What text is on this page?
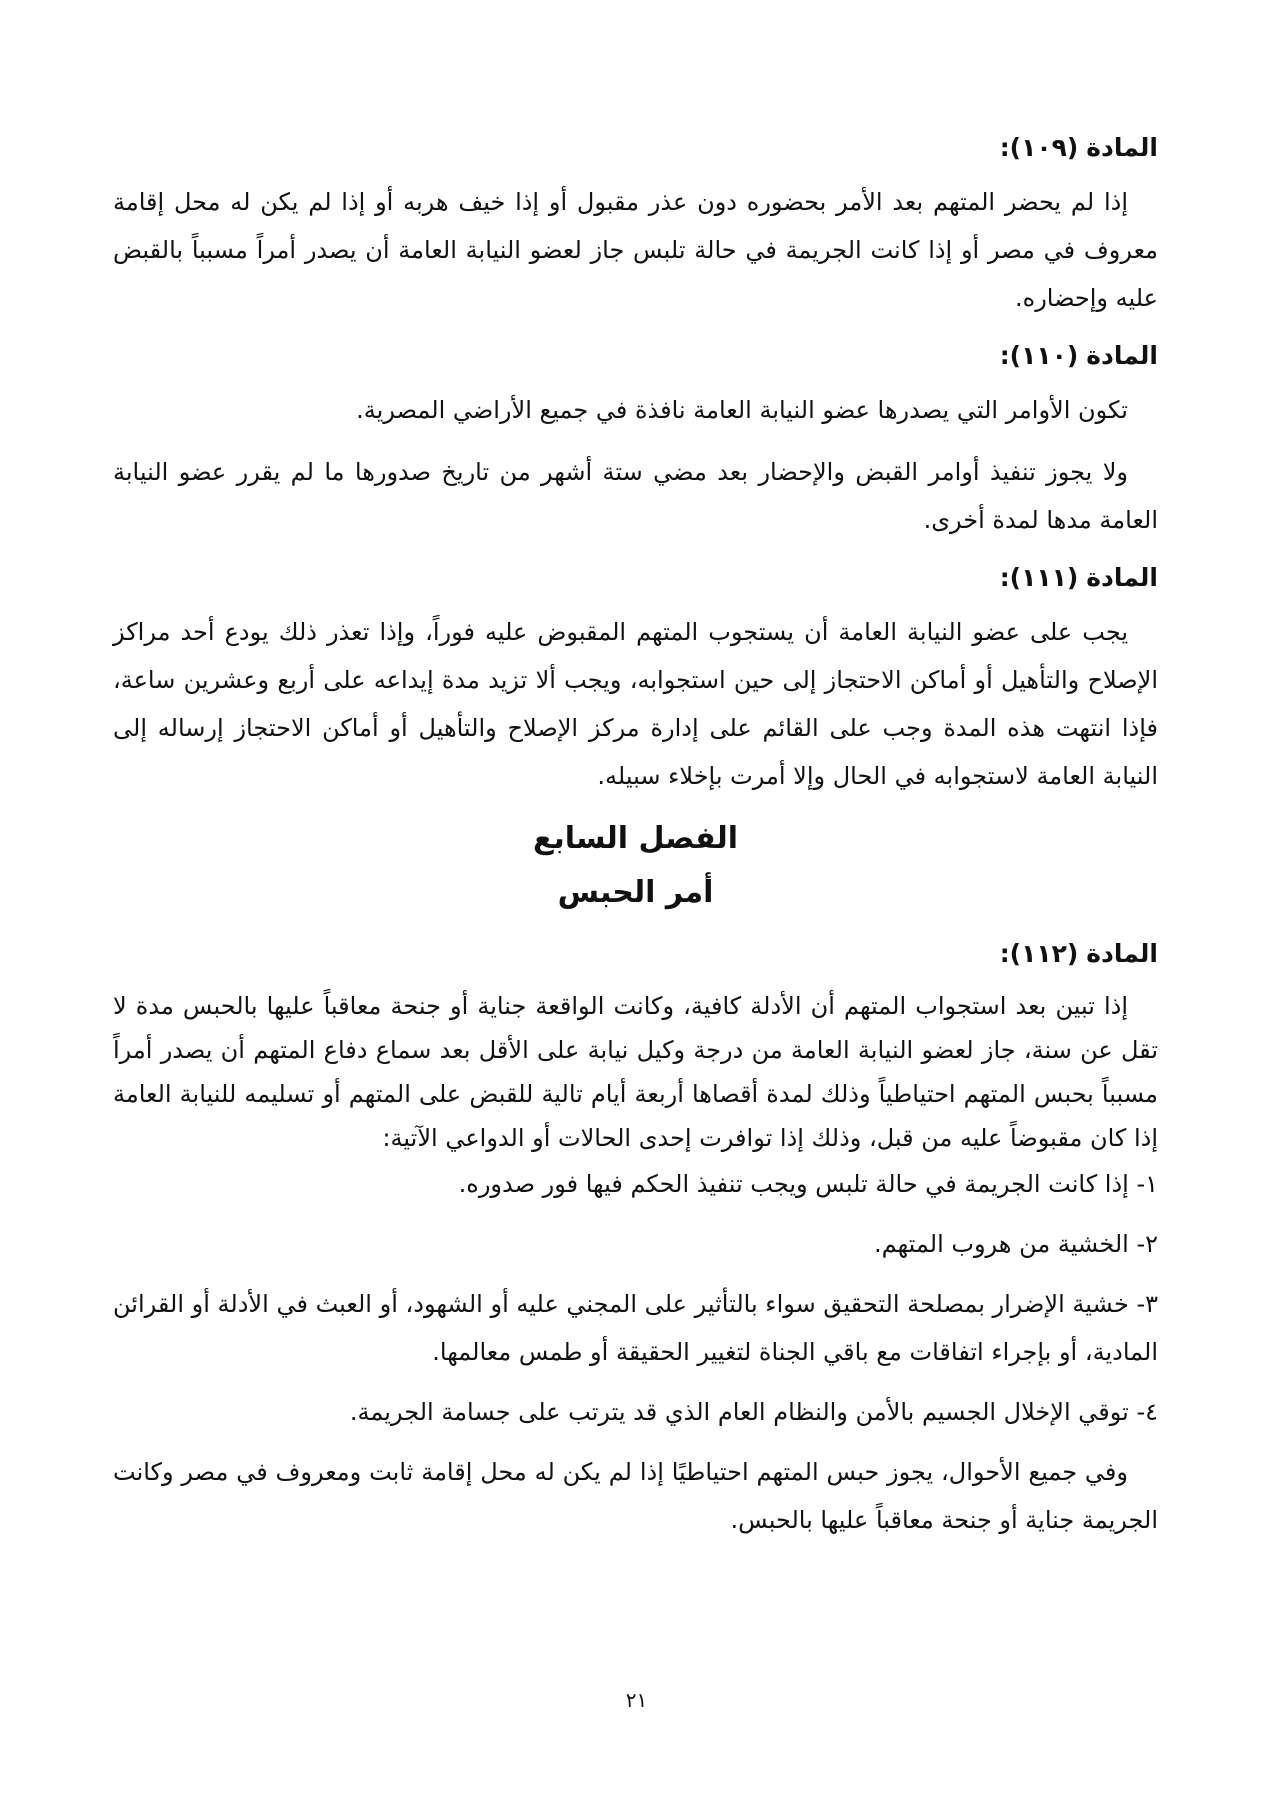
المادة (١٠٩):

إذا لم يحضر المتهم بعد الأمر بحضوره دون عذر مقبول أو إذا خيف هربه أو إذا لم يكن له محل إقامة معروف في مصر أو إذا كانت الجريمة في حالة تلبس جاز لعضو النيابة العامة أن يصدر أمراً مسبباً بالقبض عليه وإحضاره.

المادة (١١٠):

تكون الأوامر التي يصدرها عضو النيابة العامة نافذة في جميع الأراضي المصرية.

ولا يجوز تنفيذ أوامر القبض والإحضار بعد مضي ستة أشهر من تاريخ صدورها ما لم يقرر عضو النيابة العامة مدها لمدة أخرى.

المادة (١١١):

يجب على عضو النيابة العامة أن يستجوب المتهم المقبوض عليه فوراً، وإذا تعذر ذلك يودع أحد مراكز الإصلاح والتأهيل أو أماكن الاحتجاز إلى حين استجوابه، ويجب ألا تزيد مدة إيداعه على أربع وعشرين ساعة، فإذا انتهت هذه المدة وجب على القائم على إدارة مركز الإصلاح والتأهيل أو أماكن الاحتجاز إرساله إلى النيابة العامة لاستجوابه في الحال وإلا أمرت بإخلاء سبيله.

الفصل السابع
أمر الحبس
المادة (١١٢):

إذا تبين بعد استجواب المتهم أن الأدلة كافية، وكانت الواقعة جناية أو جنحة معاقباً عليها بالحبس مدة لا تقل عن سنة، جاز لعضو النيابة العامة من درجة وكيل نيابة على الأقل بعد سماع دفاع المتهم أن يصدر أمراً مسبباً بحبس المتهم احتياطياً وذلك لمدة أقصاها أربعة أيام تالية للقبض على المتهم أو تسليمه للنيابة العامة إذا كان مقبوضاً عليه من قبل، وذلك إذا توافرت إحدى الحالات أو الدواعي الآتية:

١- إذا كانت الجريمة في حالة تلبس ويجب تنفيذ الحكم فيها فور صدوره.
٢- الخشية من هروب المتهم.
٣- خشية الإضرار بمصلحة التحقيق سواء بالتأثير على المجني عليه أو الشهود، أو العبث في الأدلة أو القرائن المادية، أو بإجراء اتفاقات مع باقي الجناة لتغيير الحقيقة أو طمس معالمها.
٤- توقي الإخلال الجسيم بالأمن والنظام العام الذي قد يترتب على جسامة الجريمة.

وفي جميع الأحوال، يجوز حبس المتهم احتياطيًا إذا لم يكن له محل إقامة ثابت ومعروف في مصر وكانت الجريمة جناية أو جنحة معاقباً عليها بالحبس.

٢١
